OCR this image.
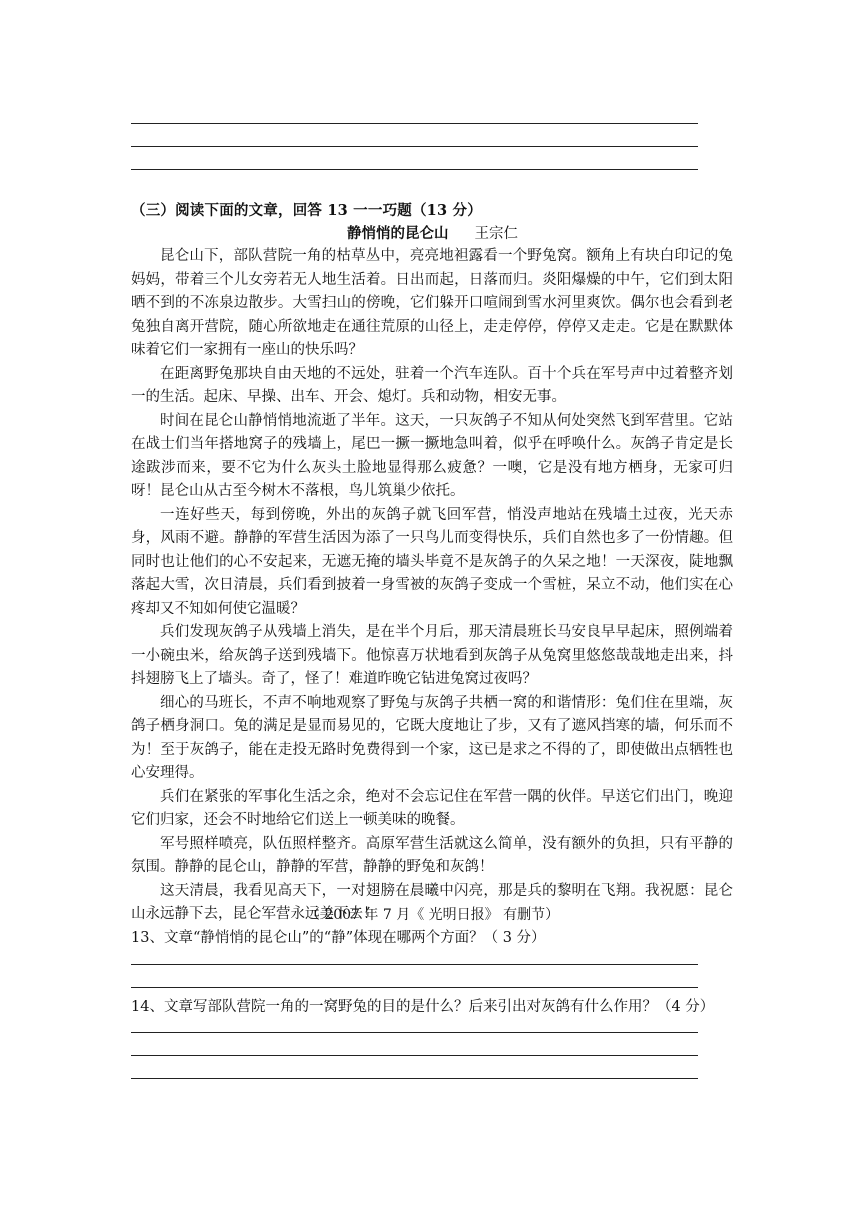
（三）阅读下面的文章，回答 13 一一巧题（13 分）
静悄悄的昆仑山 王宗仁

昆仑山下，部队营院一角的枯草丛中，亮亮地袒露看一个野兔窝。额角上有块白印记的兔妈妈，带着三个儿女旁若无人地生活着。日出而起，日落而归。炎阳爆燥的中午，它们到太阳晒不到的不冻泉边散步。大雪扫山的傍晚，它们躲开口喧闹到雪水河里爽饮。偶尔也会看到老兔独自离开营院，随心所欲地走在通往荒原的山径上，走走停停，停停又走走。它是在默默体味着它们一家拥有一座山的快乐吗？

在距离野兔那块自由天地的不远处，驻着一个汽车连队。百十个兵在军号声中过着整齐划一的生活。起床、早操、出车、开会、熄灯。兵和动物，相安无事。

时间在昆仑山静悄悄地流逝了半年。这天，一只灰鸽子不知从何处突然飞到军营里。它站在战士们当年搭地窝子的残墙上，尾巴一撅一撅地急叫着，似乎在呼唤什么。灰鸽子肯定是长途跋涉而来，要不它为什么灰头土脸地显得那么疲惫？一噢，它是没有地方栖身，无家可归呀！昆仑山从古至今树木不落根，鸟儿筑巢少依托。

一连好些天，每到傍晚，外出的灰鸽子就飞回军营，悄没声地站在残墙土过夜，光天赤身，风雨不避。静静的军营生活因为添了一只鸟儿而变得快乐，兵们自然也多了一份情趣。但同时也让他们的心不安起来，无遮无掩的墙头毕竟不是灰鸽子的久呆之地！一天深夜，陡地飘落起大雪，次日清晨，兵们看到披着一身雪被的灰鸽子变成一个雪桩，呆立不动，他们实在心疼却又不知如何使它温暖？

兵们发现灰鸽子从残墙上消失，是在半个月后，那天清晨班长马安良早早起床，照例端着一小碗虫米，给灰鸽子送到残墙下。他惊喜万状地看到灰鸽子从兔窝里悠悠哉哉地走出来，抖抖翅膀飞上了墙头。奇了，怪了！难道昨晚它钻进兔窝过夜吗？

细心的马班长，不声不响地观察了野兔与灰鸽子共栖一窝的和谐情形：兔们住在里端，灰鸽子栖身洞口。兔的满足是显而易见的，它既大度地让了步，又有了遮风挡寒的墙，何乐而不为！至于灰鸽子，能在走投无路时免费得到一个家，这已是求之不得的了，即使做出点牺牲也心安理得。

兵们在紧张的军事化生活之余，绝对不会忘记住在军营一隅的伙伴。早送它们出门，晚迎它们归家，还会不时地给它们送上一顿美味的晚餐。

军号照样喷亮，队伍照样整齐。高原军营生活就这么简单，没有额外的负担，只有平静的氛围。静静的昆仑山，静静的军营，静静的野兔和灰鸽！

这天清晨，我看见高天下，一对翅膀在晨曦中闪亮，那是兵的黎明在飞翔。我祝愿：昆仑山永远静下去，昆仑军营永远美下去！

（ 2007 年 7 月《 光明日报》 有删节）
13、文章“静悄悄的昆仑山”的“静”体现在哪两个方面？（ 3 分）
14、文章写部队营院一角的一窝野兔的目的是什么？后来引出对灰鸽有什么作用？（4 分）
